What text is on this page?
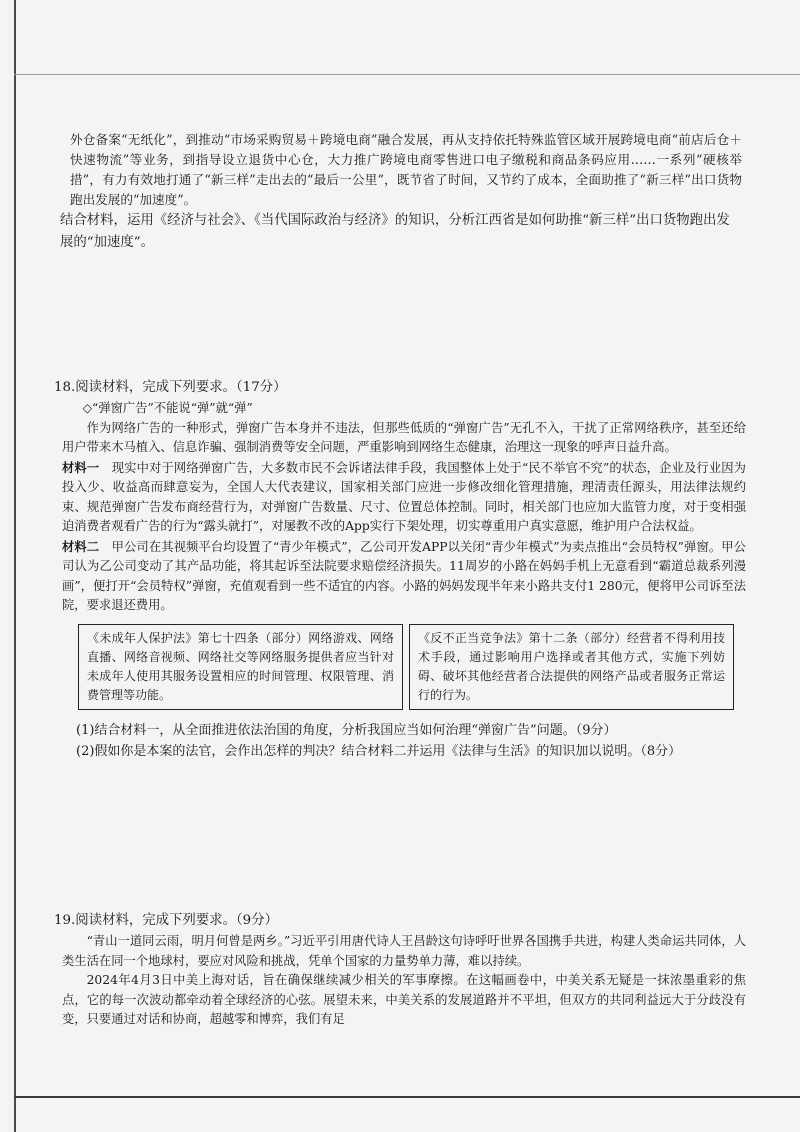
外仓备案“无纸化”，到推动“市场采购贸易＋跨境电商”融合发展，再从支持依托特殊监管区域开展跨境电商“前店后仓＋快速物流”等业务，到指导设立退货中心仓，大力推广跨境电商零售进口电子缴税和商品条码应用……一系列“硬核举措”，有力有效地打通了“新三样”走出去的“最后一公里”，既节省了时间，又节约了成本，全面助推了“新三样”出口货物跑出发展的“加速度”。

结合材料，运用《经济与社会》、《当代国际政治与经济》的知识，分析江西省是如何助推“新三样”出口货物跑出发展的“加速度”。

18.阅读材料，完成下列要求。（17分）

◇“弹窗广告”不能说“弹”就“弹”

作为网络广告的一种形式，弹窗广告本身并不违法，但那些低质的“弹窗广告”无孔不入，干扰了正常网络秩序，甚至还给用户带来木马植入、信息诈骗、强制消费等安全问题，严重影响到网络生态健康，治理这一现象的呼声日益升高。

材料一　 现实中对于网络弹窗广告，大多数市民不会诉诸法律手段，我国整体上处于“民不举官不究”的状态，企业及行业因为投入少、收益高而肆意妄为，全国人大代表建议，国家相关部门应进一步修改细化管理措施，理清责任源头，用法律法规约束、规范弹窗广告发布商经营行为，对弹窗广告数量、尺寸、位置总体控制。同时，相关部门也应加大监管力度，对于变相强迫消费者观看广告的行为“露头就打”，对屡教不改的App实行下架处理，切实尊重用户真实意愿，维护用户合法权益。

材料二　 甲公司在其视频平台均设置了“青少年模式”，乙公司开发APP以关闭“青少年模式”为卖点推出“会员特权”弹窗。甲公司认为乙公司变动了其产品功能，将其起诉至法院要求赔偿经济损失。11周岁的小路在妈妈手机上无意看到“霸道总裁系列漫画”，便打开“会员特权”弹窗，充值观看到一些不适宜的内容。小路的妈妈发现半年来小路共支付1 280元，便将甲公司诉至法院，要求退还费用。

《未成年人保护法》第七十四条（部分）网络游戏、网络直播、网络音视频、网络社交等网络服务提供者应当针对未成年人使用其服务设置相应的时间管理、权限管理、消费管理等功能。
《反不正当竞争法》第十二条（部分）经营者不得利用技术手段，通过影响用户选择或者其他方式，实施下列妨碍、破坏其他经营者合法提供的网络产品或者服务正常运行的行为。

(1)结合材料一，从全面推进依法治国的角度，分析我国应当如何治理“弹窗广告”问题。（9分）

(2)假如你是本案的法官，会作出怎样的判决？结合材料二并运用《法律与生活》的知识加以说明。（8分）

19.阅读材料，完成下列要求。（9分）

“青山一道同云雨，明月何曾是两乡。”习近平引用唐代诗人王昌龄这句诗呼吁世界各国携手共进，构建人类命运共同体，人类生活在同一个地球村，要应对风险和挑战，凭单个国家的力量势单力薄，难以持续。

2024年4月3日中美上海对话，旨在确保继续减少相关的军事摩擦。在这幅画卷中，中美关系无疑是一抹浓墨重彩的焦点，它的每一次波动都牵动着全球经济的心弦。展望未来，中美关系的发展道路并不平坦，但双方的共同利益远大于分歧没有变，只要通过对话和协商，超越零和博弈，我们有足
